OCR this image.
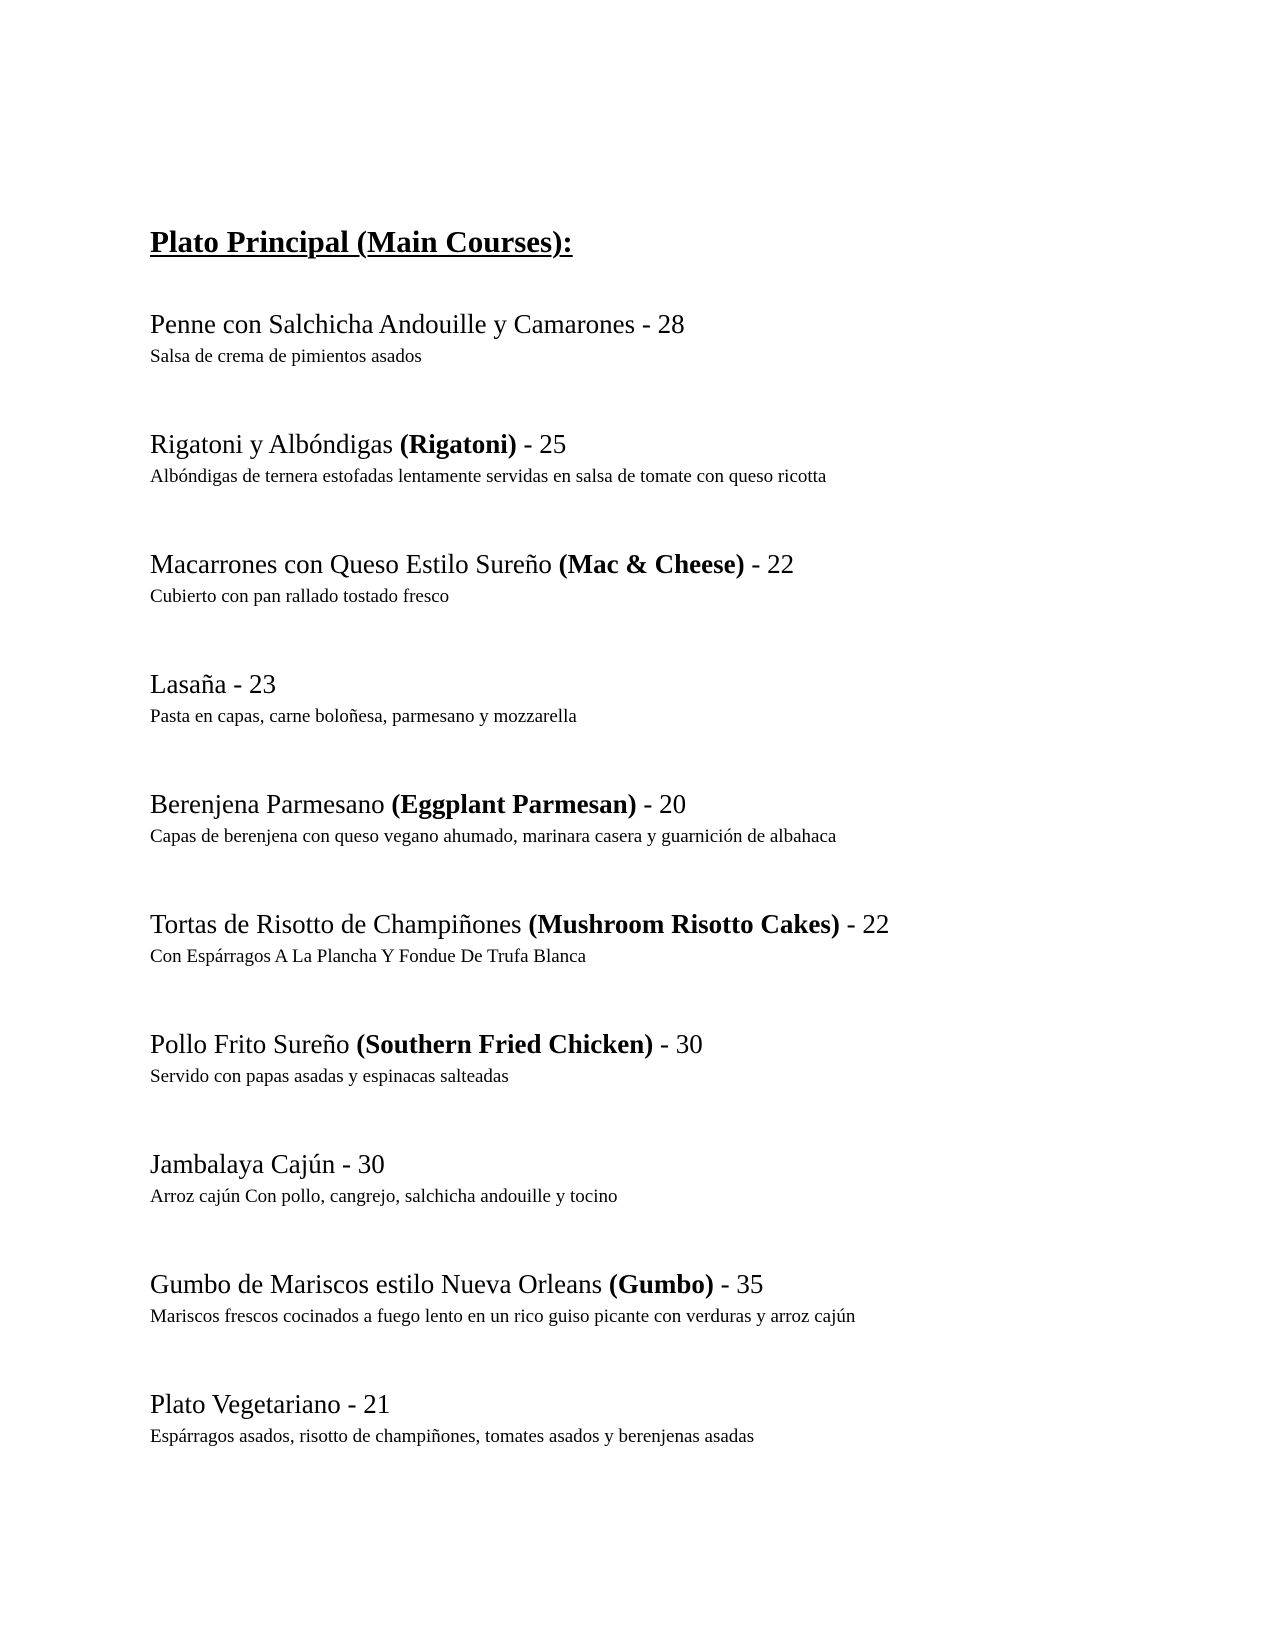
Plato Principal (Main Courses):
Penne con Salchicha Andouille y Camarones - 28
Salsa de crema de pimientos asados
Rigatoni y Albóndigas (Rigatoni) - 25
Albóndigas de ternera estofadas lentamente servidas en salsa de tomate con queso ricotta
Macarrones con Queso Estilo Sureño (Mac & Cheese) - 22
Cubierto con pan rallado tostado fresco
Lasaña - 23
Pasta en capas, carne boloñesa, parmesano y mozzarella
Berenjena Parmesano (Eggplant Parmesan) - 20
Capas de berenjena con queso vegano ahumado, marinara casera y guarnición de albahaca
Tortas de Risotto de Champiñones (Mushroom Risotto Cakes) - 22
Con Espárragos A La Plancha Y Fondue De Trufa Blanca
Pollo Frito Sureño (Southern Fried Chicken) - 30
Servido con papas asadas y espinacas salteadas
Jambalaya Cajún - 30
Arroz cajún Con pollo, cangrejo, salchicha andouille y tocino
Gumbo de Mariscos estilo Nueva Orleans (Gumbo) - 35
Mariscos frescos cocinados a fuego lento en un rico guiso picante con verduras y arroz cajún
Plato Vegetariano - 21
Espárragos asados, risotto de champiñones, tomates asados y berenjenas asadas
